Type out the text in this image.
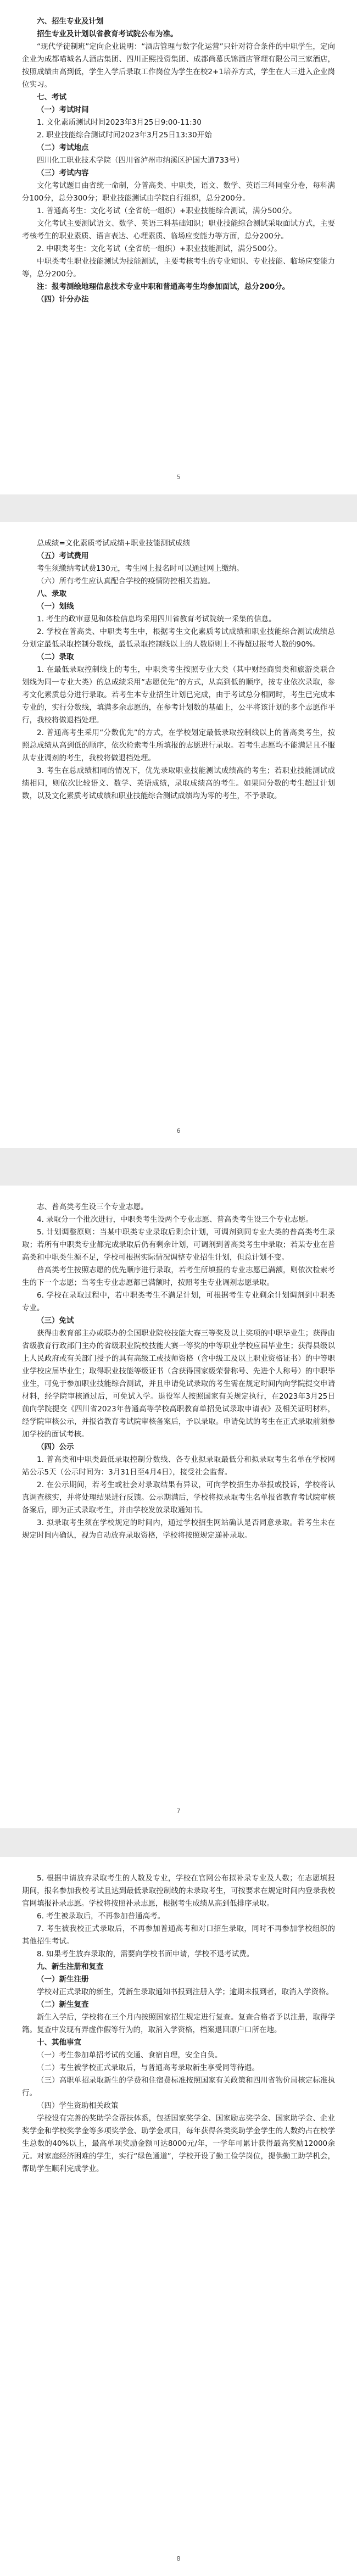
六、招生专业及计划

招生专业及计划以省教育考试院公布为准。

“现代学徒制班”定向企业说明：“酒店管理与数字化运营”只针对符合条件的中职学生，定向企业为成都喵城名人酒店集团、四川正熙投资集团、成都尚慕氏锦酒店管理有限公司三家酒店，按照成绩由高到低，学生入学后录取工作岗位为学生在校2+1培养方式，学生在大三进入企业岗位实习。

七、考试

（一）考试时间

1. 文化素质测试时间2023年3月25日9:00-11:30

2. 职业技能综合测试时间2023年3月25日13:30开始

（二）考试地点

四川化工职业技术学院（四川省泸州市纳溪区护国大道733号）

（三）考试内容

文化考试题目由省统一命制，分普高类、中职类，语文、数学、英语三科同堂分卷，每科满分100分，总分300分；职业技能测试由学院自行组织，总分200分。

1. 普通高考生：文化考试（全省统一组织）+职业技能综合测试，满分500分。

文化考试主要测试语文、数学、英语三科基础知识；职业技能综合测试采取面试方式，主要考核考生的职业素质、语言表达、心理素质、临场应变能力等方面，总分200分。

2. 中职类考生：文化考试（全省统一组织）+职业技能测试，满分500分。

中职类考生职业技能测试为技能测试，主要考核考生的专业知识、专业技能、临场应变能力等，总分200分。

注：报考测绘地理信息技术专业中职和普通高考生均参加面试，总分200分。

（四）计分办法

5

总成绩=文化素质考试成绩+职业技能测试成绩

（五）考试费用

考生须缴纳考试费130元，考生网上报名时可以通过网上缴纳。

（六）所有考生应认真配合学校的疫情防控相关措施。

八、录取

（一）划线

1. 考生的政审意见和体检信息均采用四川省教育考试院统一采集的信息。

2. 学校在普高类、中职类考生中，根据考生文化素质考试成绩和职业技能综合测试成绩总分划定最低录取控制分数线，最低录取控制线以上的人数原则上不得超过报考人数的90%。

（二）录取

1. 在最低录取控制线上的考生，中职类考生按照专业大类（其中财经商贸类和旅游类联合划线为同一专业大类）的总成绩采用“志愿优先”的方式，从高到低的顺序，按专业依次录取，参考文化素质总分进行录取。若考生本专业招生计划已完成，由于考试总分相同时，考生已完成本专业的，实行分数线，填满多余志愿的，在参考计划数的基础上，公平将该计划的多个志愿作平行，我校将做退档处理。

2. 普通高考生采用“分数优先”的方式，在学校划定最低录取控制线以上的普高类考生，按照总成绩从高到低的顺序，依次检索考生所填报的志愿进行录取。若考生志愿均不能满足且不服从专业调剂的考生，我校将做退档处理。

3. 考生在总成绩相同的情况下，优先录取职业技能测试成绩高的考生；若职业技能测试成绩相同，则依次比较语文、数学、英语成绩，录取成绩高的考生。如果同分数的考生超过计划数，以及文化素质考试成绩和职业技能综合测试成绩均为零的考生，不予录取。

6

志、普高类考生设三个专业志愿。

4. 录取分一个批次进行，中职类考生设两个专业志愿、普高类考生设三个专业志愿。

5. 计划调整原则：当某中职类专业录取后剩余计划，可调剂到同专业大类的普高类考生录取；若所有中职类专业都完成录取后仍有剩余计划，可调剂到普高类考生中录取；若某专业在普高类和中职类生源不足，学校可根据实际情况调整专业招生计划，但总计划不变。

普高类考生按照志愿的优先顺序进行录取，若考生所填报的专业志愿已满额，则依次检索考生的下一个志愿；当考生专业志愿都已满额时，按照考生专业调剂志愿录取。

6. 学校在录取过程中，若中职类考生不满足计划，可根据考生专业剩余计划调剂到中职类专业。

（三）免试

获得由教育部主办或联办的全国职业院校技能大赛三等奖及以上奖项的中职毕业生；获得由省级教育行政部门主办的省级职业院校技能大赛一等奖的中等职业学校应届毕业生；获得县级以上人民政府或有关部门授予的具有高级工或技师资格（含中级工及以上职业资格证书）的中等职业学校应届毕业生；取得职业技能等级证书（含获得国家级荣誉称号、先进个人称号）的中职毕业生，可免于参加职业技能综合测试，并且申请免试录取的考生需在规定时间内向学院提交申请材料，经学院审核通过后，可免试入学。退役军人按照国家有关规定执行，在2023年3月25日前向学院提交《四川省2023年普通高等学校高职教育单招免试录取申请表》及相关证明材料，经学院审核公示，并报省教育考试院审核备案后，予以录取。申请免试的考生在正式录取前须参加学校的面试考核。

（四）公示

1. 普高类和中职类最低录取控制分数线、各专业拟录取最低分和拟录取考生名单在学校网站公示5天（公示时间为：3月31日至4月4日），接受社会监督。

2. 在公示期间，若考生或社会对录取结果有异议，可向学校招生办举报或投诉，学校将认真调查核实，并将处理结果进行反馈。公示期满后，学校将拟录取考生名单报省教育考试院审核备案后，即为正式录取考生，并由学校发放录取通知书。

3. 拟录取考生须在学校规定的时间内，通过学校招生网站确认是否同意录取。若考生未在规定时间内确认，视为自动放弃录取资格，学校将按照规定递补录取。

7

5. 根据申请放弃录取考生的人数及专业，学校在官网公布拟补录专业及人数；在志愿填报期间，报名参加我校考试且达到最低录取控制线的未录取考生，可按要求在规定时间内登录我校官网填报补录志愿。学校将按照补录志愿，根据考生成绩从高到低排序录取。

6. 考生被录取后，不再参加普通高考。

7. 考生被我校正式录取后，不再参加普通高考和对口招生录取，同时不再参加学校组织的其他招生考试。

8. 如果考生放弃录取的，需要向学校书面申请，学校不退考试费。

九、新生注册和复查

（一）新生注册

学校对正式录取的新生，凭新生录取通知书报到注册入学；逾期未报到者，取消入学资格。

（二）新生复查

新生入学后，学校将在三个月内按照国家招生规定进行复查。复查合格者予以注册，取得学籍。复查中发现有弄虚作假等行为的，取消入学资格，档案退回原户口所在地。

十、其他事宜

（一）考生参加单招考试的交通、食宿自理，安全自负。

（二）考生被学校正式录取后，与普通高考录取新生享受同等待遇。

（三）高职单招录取新生的学费和住宿费标准按照国家有关政策和四川省物价局核定标准执行。

（四）学生资助相关政策

学校设有完善的奖助学金帮扶体系，包括国家奖学金、国家励志奖学金、国家助学金、企业奖学金和学校奖学金等多项奖学金、助学金项目，每年获得各类奖助学金学生的人数约占在校学生总数的40%以上，最高单项奖励金额可达8000元/年，一学年可累计获得最高奖励12000余元。对家庭经济困难的学生，实行“绿色通道”，学校开设了勤工俭学岗位，提供勤工助学机会，帮助学生顺利完成学业。

8
